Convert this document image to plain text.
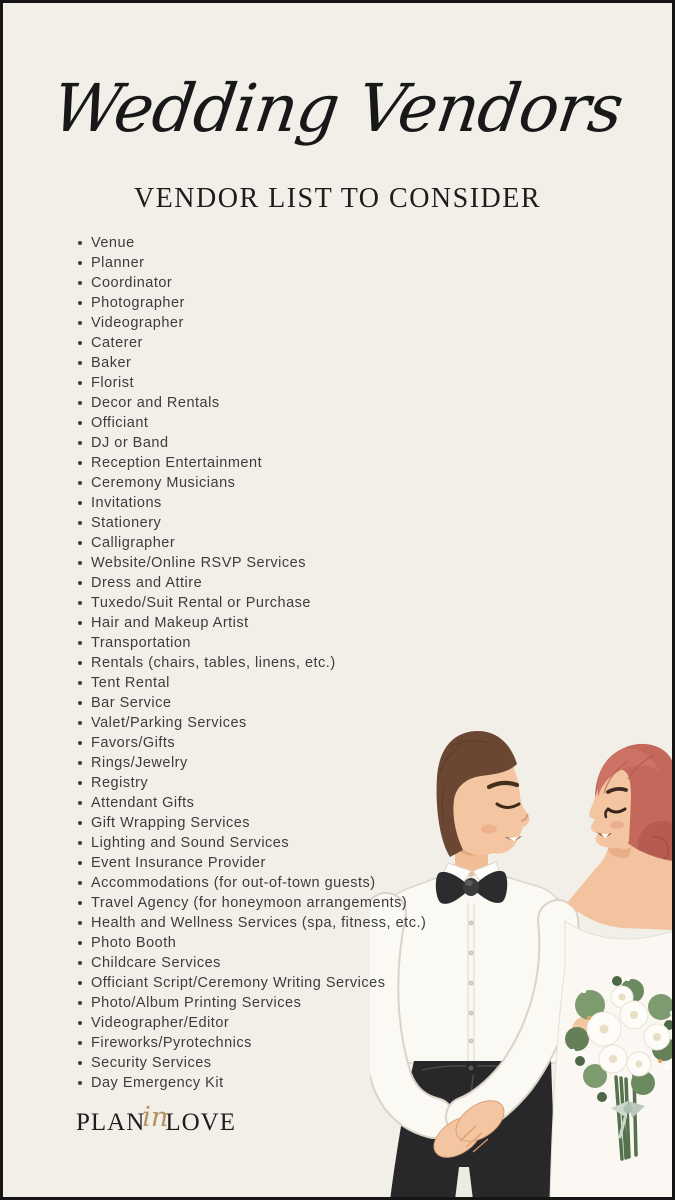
Wedding Vendors
VENDOR LIST TO CONSIDER
Venue
Planner
Coordinator
Photographer
Videographer
Caterer
Baker
Florist
Decor and Rentals
Officiant
DJ or Band
Reception Entertainment
Ceremony Musicians
Invitations
Stationery
Calligrapher
Website/Online RSVP Services
Dress and Attire
Tuxedo/Suit Rental or Purchase
Hair and Makeup Artist
Transportation
Rentals (chairs, tables, linens, etc.)
Tent Rental
Bar Service
Valet/Parking Services
Favors/Gifts
Rings/Jewelry
Registry
Attendant Gifts
Gift Wrapping Services
Lighting and Sound Services
Event Insurance Provider
Accommodations (for out-of-town guests)
Travel Agency (for honeymoon arrangements)
Health and Wellness Services (spa, fitness, etc.)
Photo Booth
Childcare Services
Officiant Script/Ceremony Writing Services
Photo/Album Printing Services
Videographer/Editor
Fireworks/Pyrotechnics
Security Services
Day Emergency Kit
PLANinLOVE
